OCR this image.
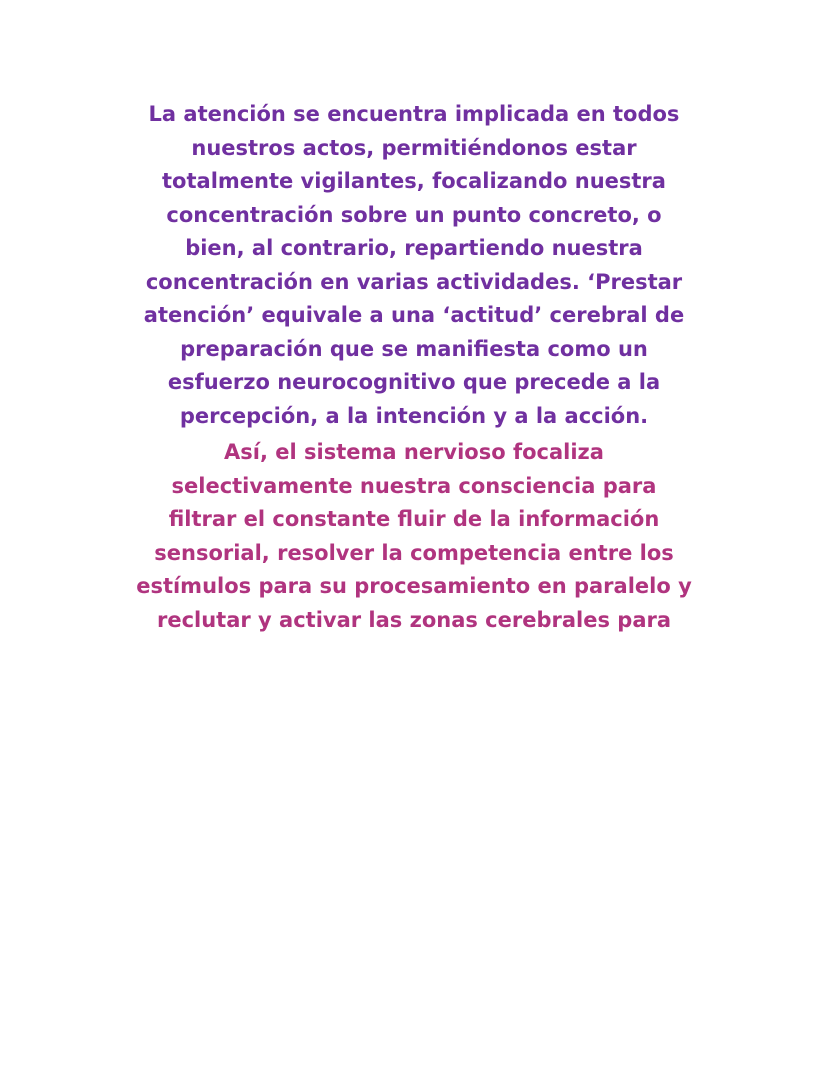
La atención se encuentra implicada en todos
nuestros actos, permitiéndonos estar
totalmente vigilantes, focalizando nuestra
concentración sobre un punto concreto, o
bien, al contrario, repartiendo nuestra
concentración en varias actividades. ‘Prestar
atención’ equivale a una ‘actitud’ cerebral de
preparación que se manifiesta como un
esfuerzo neurocognitivo que precede a la
percepción, a la intención y a la acción.
Así, el sistema nervioso focaliza
selectivamente nuestra consciencia para
filtrar el constante fluir de la información
sensorial, resolver la competencia entre los
estímulos para su procesamiento en paralelo y
reclutar y activar las zonas cerebrales para
